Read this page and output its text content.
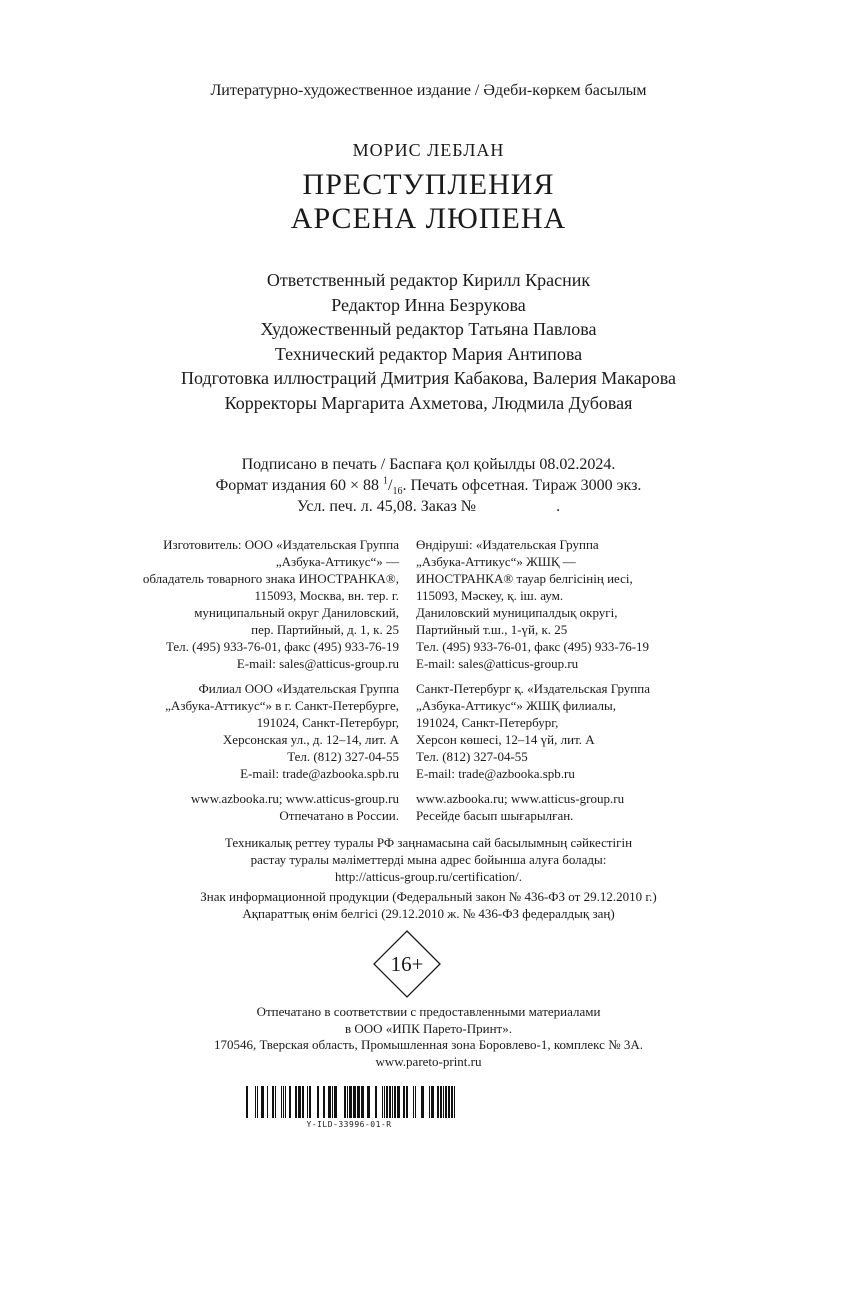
Литературно-художественное издание / Әдеби-көркем басылым
МОРИС ЛЕБЛАН
ПРЕСТУПЛЕНИЯ
АРСЕНА ЛЮПЕНА
Ответственный редактор Кирилл Красник
Редактор Инна Безрукова
Художественный редактор Татьяна Павлова
Технический редактор Мария Антипова
Подготовка иллюстраций Дмитрия Кабакова, Валерия Макарова
Корректоры Маргарита Ахметова, Людмила Дубовая
Подписано в печать / Баспаға қол қойылды 08.02.2024.
Формат издания 60 × 88 $^1/_{16}$. Печать офсетная. Тираж 3000 экз.
Усл. печ. л. 45,08. Заказ №                    .
Изготовитель: ООО «Издательская Группа
„Азбука-Аттикус“» —
обладатель товарного знака ИНОСТРАНКА®,
115093, Москва, вн. тер. г.
муниципальный округ Даниловский,
пер. Партийный, д. 1, к. 25
Тел. (495) 933-76-01, факс (495) 933-76-19
E-mail: sales@atticus-group.ru
Филиал ООО «Издательская Группа
„Азбука-Аттикус“» в г. Санкт-Петербурге,
191024, Санкт-Петербург,
Херсонская ул., д. 12–14, лит. А
Тел. (812) 327-04-55
E-mail: trade@azbooka.spb.ru
www.azbooka.ru; www.atticus-group.ru
Отпечатано в России.
Өндіруші: «Издательская Группа
„Азбука-Аттикус“» ЖШҚ —
ИНОСТРАНКА® тауар белгісінің иесі,
115093, Мәскеу, қ. іш. аум.
Даниловский муниципалдық округі,
Партийный т.ш., 1-үй, к. 25
Тел. (495) 933-76-01, факс (495) 933-76-19
E-mail: sales@atticus-group.ru
Санкт-Петербург қ. «Издательская Группа
„Азбука-Аттикус“» ЖШҚ филиалы,
191024, Санкт-Петербург,
Херсон көшесі, 12–14 үй, лит. А
Тел. (812) 327-04-55
E-mail: trade@azbooka.spb.ru
www.azbooka.ru; www.atticus-group.ru
Ресейде басып шығарылған.
Техникалық реттеу туралы РФ заңнамасына сай басылымның сәйкестігін
растау туралы мәліметтерді мына адрес бойынша алуға болады:
http://atticus-group.ru/certification/.
Знак информационной продукции (Федеральный закон № 436-ФЗ от 29.12.2010 г.)
Ақпараттық өнім белгісі (29.12.2010 ж. № 436-ФЗ федералдық заң)
16+
Отпечатано в соответствии с предоставленными материалами
в ООО «ИПК Парето-Принт».
170546, Тверская область, Промышленная зона Боровлево-1, комплекс № 3А.
www.pareto-print.ru
Y-ILD-33996-01-R
